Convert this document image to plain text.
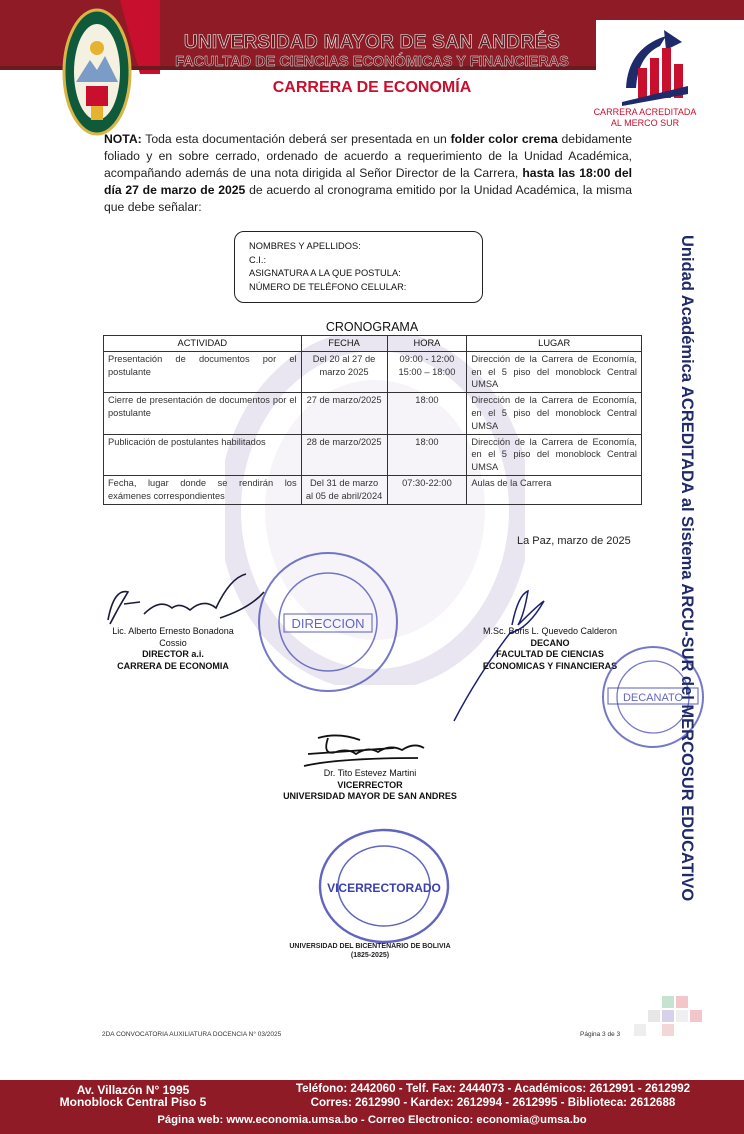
UNIVERSIDAD MAYOR DE SAN ANDRÉS
FACULTAD DE CIENCIAS ECONÓMICAS Y FINANCIERAS
CARRERA DE ECONOMÍA
CARRERA ACREDITADA
AL MERCO SUR
NOTA: Toda esta documentación deberá ser presentada en un folder color crema debidamente foliado y en sobre cerrado, ordenado de acuerdo a requerimiento de la Unidad Académica, acompañando además de una nota dirigida al Señor Director de la Carrera, hasta las 18:00 del día 27 de marzo de 2025 de acuerdo al cronograma emitido por la Unidad Académica, la misma que debe señalar:
NOMBRES Y APELLIDOS:
C.I.:
ASIGNATURA A LA QUE POSTULA:
NÚMERO DE TELÉFONO CELULAR:
CRONOGRAMA
ACTIVIDAD	FECHA	HORA	LUGAR
Presentación de documentos por el postulante	Del 20 al 27 de marzo 2025	09:00 - 12:00 15:00 – 18:00	Dirección de la Carrera de Economía, en el 5 piso del monoblock Central UMSA
Cierre de presentación de documentos por el postulante	27 de marzo/2025	18:00	Dirección de la Carrera de Economía, en el 5 piso del monoblock Central UMSA
Publicación de postulantes habilitados	28 de marzo/2025	18:00	Dirección de la Carrera de Economía, en el 5 piso del monoblock Central UMSA
Fecha, lugar donde se rendirán los exámenes correspondientes	Del 31 de marzo al 05 de abril/2024	07:30-22:00	Aulas de la Carrera
La Paz, marzo de 2025
Lic. Alberto Ernesto Bonadona Cossio
DIRECTOR a.i.
CARRERA DE ECONOMIA
M.Sc. Boris L. Quevedo Calderon
DECANO
FACULTAD DE CIENCIAS
ECONOMICAS Y FINANCIERAS
Dr. Tito Estevez Martini
VICERRECTOR
UNIVERSIDAD MAYOR DE SAN ANDRES
DIRECCION
DECANATO
VICERRECTORADO
UNIVERSIDAD DEL BICENTENARIO DE BOLIVIA
(1825-2025)
Unidad Académica ACREDITADA al Sistema ARCU-SUR del MERCOSUR EDUCATIVO
2DA CONVOCATORIA AUXILIATURA DOCENCIA N° 03/2025	Página 3 de 3
Av. Villazón N° 1995
Monoblock Central Piso 5
Teléfono: 2442060 - Telf. Fax: 2444073 - Académicos: 2612991 - 2612992
Corres: 2612990 - Kardex: 2612994 - 2612995 - Biblioteca: 2612688
Página web: www.economia.umsa.bo - Correo Electronico: economia@umsa.bo
